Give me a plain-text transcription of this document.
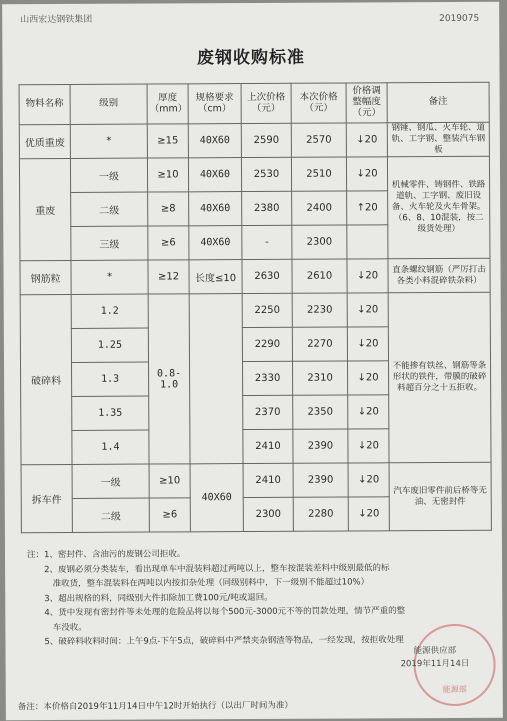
山西宏达钢铁集团	2019075
废钢收购标准
物料名称	级别	厚度（mm）	规格要求（cm）	上次价格（元）	本次价格（元）	价格调整幅度（元）	备注
优质重废	*	≥15	40X60	2590	2570	↓20	钢锤、钢瓜、火车轮、道轨、工字钢、整装汽车钢板
重废	一级	≥10	40X60	2530	2510	↓20	机械零件、铸钢件、铁路道轨、工字钢、废旧设备、火车轮及火车骨架。（6、8、10混装，按二级货处理）
	二级	≥8	40X60	2380	2400	↑20	
	三级	≥6	40X60	-	2300		
钢筋粒	*	≥12	长度≤10	2630	2610	↓20	直条螺纹钢筋（严厉打击各类小料混碎铁杂料）
破碎料	1.2	0.8-1.0		2250	2230	↓20	不能掺有铁丝、钢筋等条形状的铁件，带膜的破碎料超百分之十五拒收。
	1.25			2290	2270	↓20	
	1.3			2330	2310	↓20	
	1.35			2370	2350	↓20	
	1.4			2410	2390	↓20	
拆车件	一级	≥10	40X60	2410	2390	↓20	汽车废旧零件前后桥等无油、无密封件
	二级	≥6		2300	2280	↓20	
注：1、密封件、含油污的废钢公司拒收。
　　2、废钢必须分类装车，看出现单车中混装料超过两吨以上，整车按混装差料中级别最低的标
　　　准收货，整车混装料在两吨以内按扣杂处理（同级别料中，下一级别不能超过10%）
　　3、超出规格的料，同级别大件扣除加工费100元/吨或退回。
　　4、货中发现有密封件等未处理的危险品将以每个500元-3000元不等的罚款处理，情节严重的整
　　　车没收。
　　5、破碎料收料时间：上午9点-下午5点，破碎料中严禁夹杂钢渣等物品，一经发现，按拒收处理
能源部
能源供应部
2019年11月14日
备注：本价格自2019年11月14日中午12时开始执行（以出厂时间为准）
